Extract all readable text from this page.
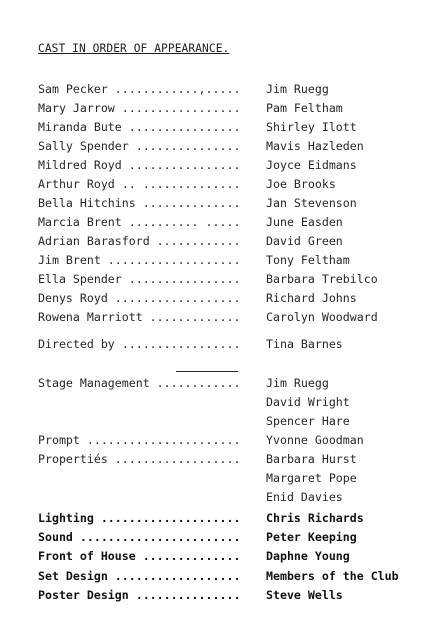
CAST IN ORDER OF APPEARANCE.
Sam Pecker ............,..... Jim Ruegg
Mary Jarrow ................. Pam Feltham
Miranda Bute ................ Shirley Ilott
Sally Spender ............... Mavis Hazleden
Mildred Royd ................ Joyce Eidmans
Arthur Royd .. .............. Joe Brooks
Bella Hitchins .............. Jan Stevenson
Marcia Brent .......... ..... June Easden
Adrian Barasford ............ David Green
Jim Brent ................... Tony Feltham
Ella Spender ................ Barbara Trebilco
Denys Royd .................. Richard Johns
Rowena Marriott ............. Carolyn Woodward
Directed by ................. Tina Barnes
Stage Management ............ Jim Ruegg
David Wright
Spencer Hare
Prompt ...................... Yvonne Goodman
Propertiés .................. Barbara Hurst
Margaret Pope
Enid Davies
Lighting .................... Chris Richards
Sound ....................... Peter Keeping
Front of House .............. Daphne Young
Set Design .................. Members of the Club
Poster Design ............... Steve Wells
